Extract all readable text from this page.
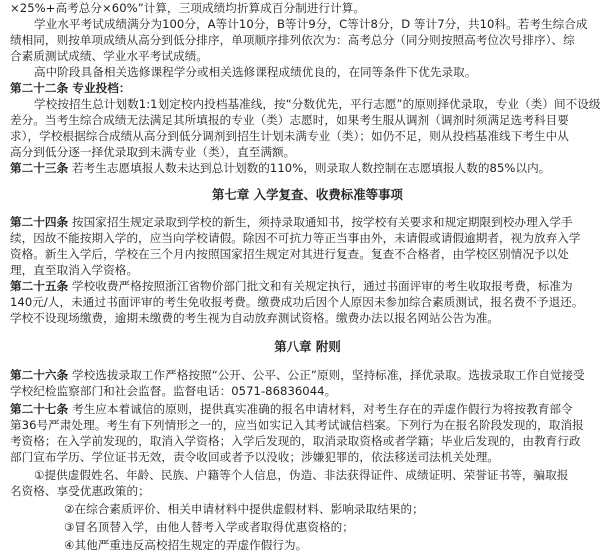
×25%+高考总分×60%”计算，三项成绩均折算成百分制进行计算。
学业水平考试成绩满分为100分，A等计10分，B等计9分，C等计8分，D 等计7分，共10科。若考生综合成
绩相同，则按单项成绩从高分到低分排序，单项顺序排列依次为：高考总分（同分则按照高考位次号排序）、综
合素质测试成绩、学业水平考试成绩。
高中阶段具备相关选修课程学分或相关选修课程成绩优良的，在同等条件下优先录取。
第二十二条 专业投档：
学校按招生总计划数1:1划定校内投档基准线，按“分数优先，平行志愿”的原则择优录取，专业（类）间不设级
差分。当考生综合成绩无法满足其所填报的专业（类）志愿时，如果考生服从调剂（调剂时须满足选考科目要
求），学校根据综合成绩从高分到低分调剂到招生计划未满专业（类）；如仍不足，则从投档基准线下考生中从
高分到低分逐一择优录取到未满专业（类），直至满额。
第二十三条 若考生志愿填报人数未达到总计划数的110%，则录取人数控制在志愿填报人数的85%以内。
第七章 入学复查、收费标准等事项
第二十四条 按国家招生规定录取到学校的新生，须持录取通知书，按学校有关要求和规定期限到校办理入学手
续，因故不能按期入学的，应当向学校请假。除因不可抗力等正当事由外，未请假或请假逾期者，视为放弃入学
资格。新生入学后，学校在三个月内按照国家招生规定对其进行复查。复查不合格者，由学校区别情况予以处
理，直至取消入学资格。
第二十五条 学校收费严格按照浙江省物价部门批文和有关规定执行，通过书面评审的考生收取报考费，标准为
140元/人，未通过书面评审的考生免收报考费。缴费成功后因个人原因未参加综合素质测试，报名费不予退还。
学校不设现场缴费，逾期未缴费的考生视为自动放弃测试资格。缴费办法以报名网站公告为准。
第八章 附则
第二十六条 学校选拔录取工作严格按照“公开、公平、公正”原则，坚持标准，择优录取。选拔录取工作自觉接受
学校纪检监察部门和社会监督。监督电话：0571-86836044。
第二十七条 考生应本着诚信的原则，提供真实准确的报名申请材料，对考生存在的弄虚作假行为将按教育部令
第36号严肃处理。考生有下列情形之一的，应当如实记入其考试诚信档案。下列行为在报名阶段发现的，取消报
考资格；在入学前发现的，取消入学资格；入学后发现的，取消录取资格或者学籍；毕业后发现的，由教育行政
部门宣布学历、学位证书无效，责令收回或者予以没收；涉嫌犯罪的，依法移送司法机关处理。
①提供虚假姓名、年龄、民族、户籍等个人信息，伪造、非法获得证件、成绩证明、荣誉证书等，骗取报
名资格、享受优惠政策的；
②在综合素质评价、相关申请材料中提供虚假材料、影响录取结果的；
③冒名顶替入学，由他人替考入学或者取得优惠资格的；
④其他严重违反高校招生规定的弄虚作假行为。
